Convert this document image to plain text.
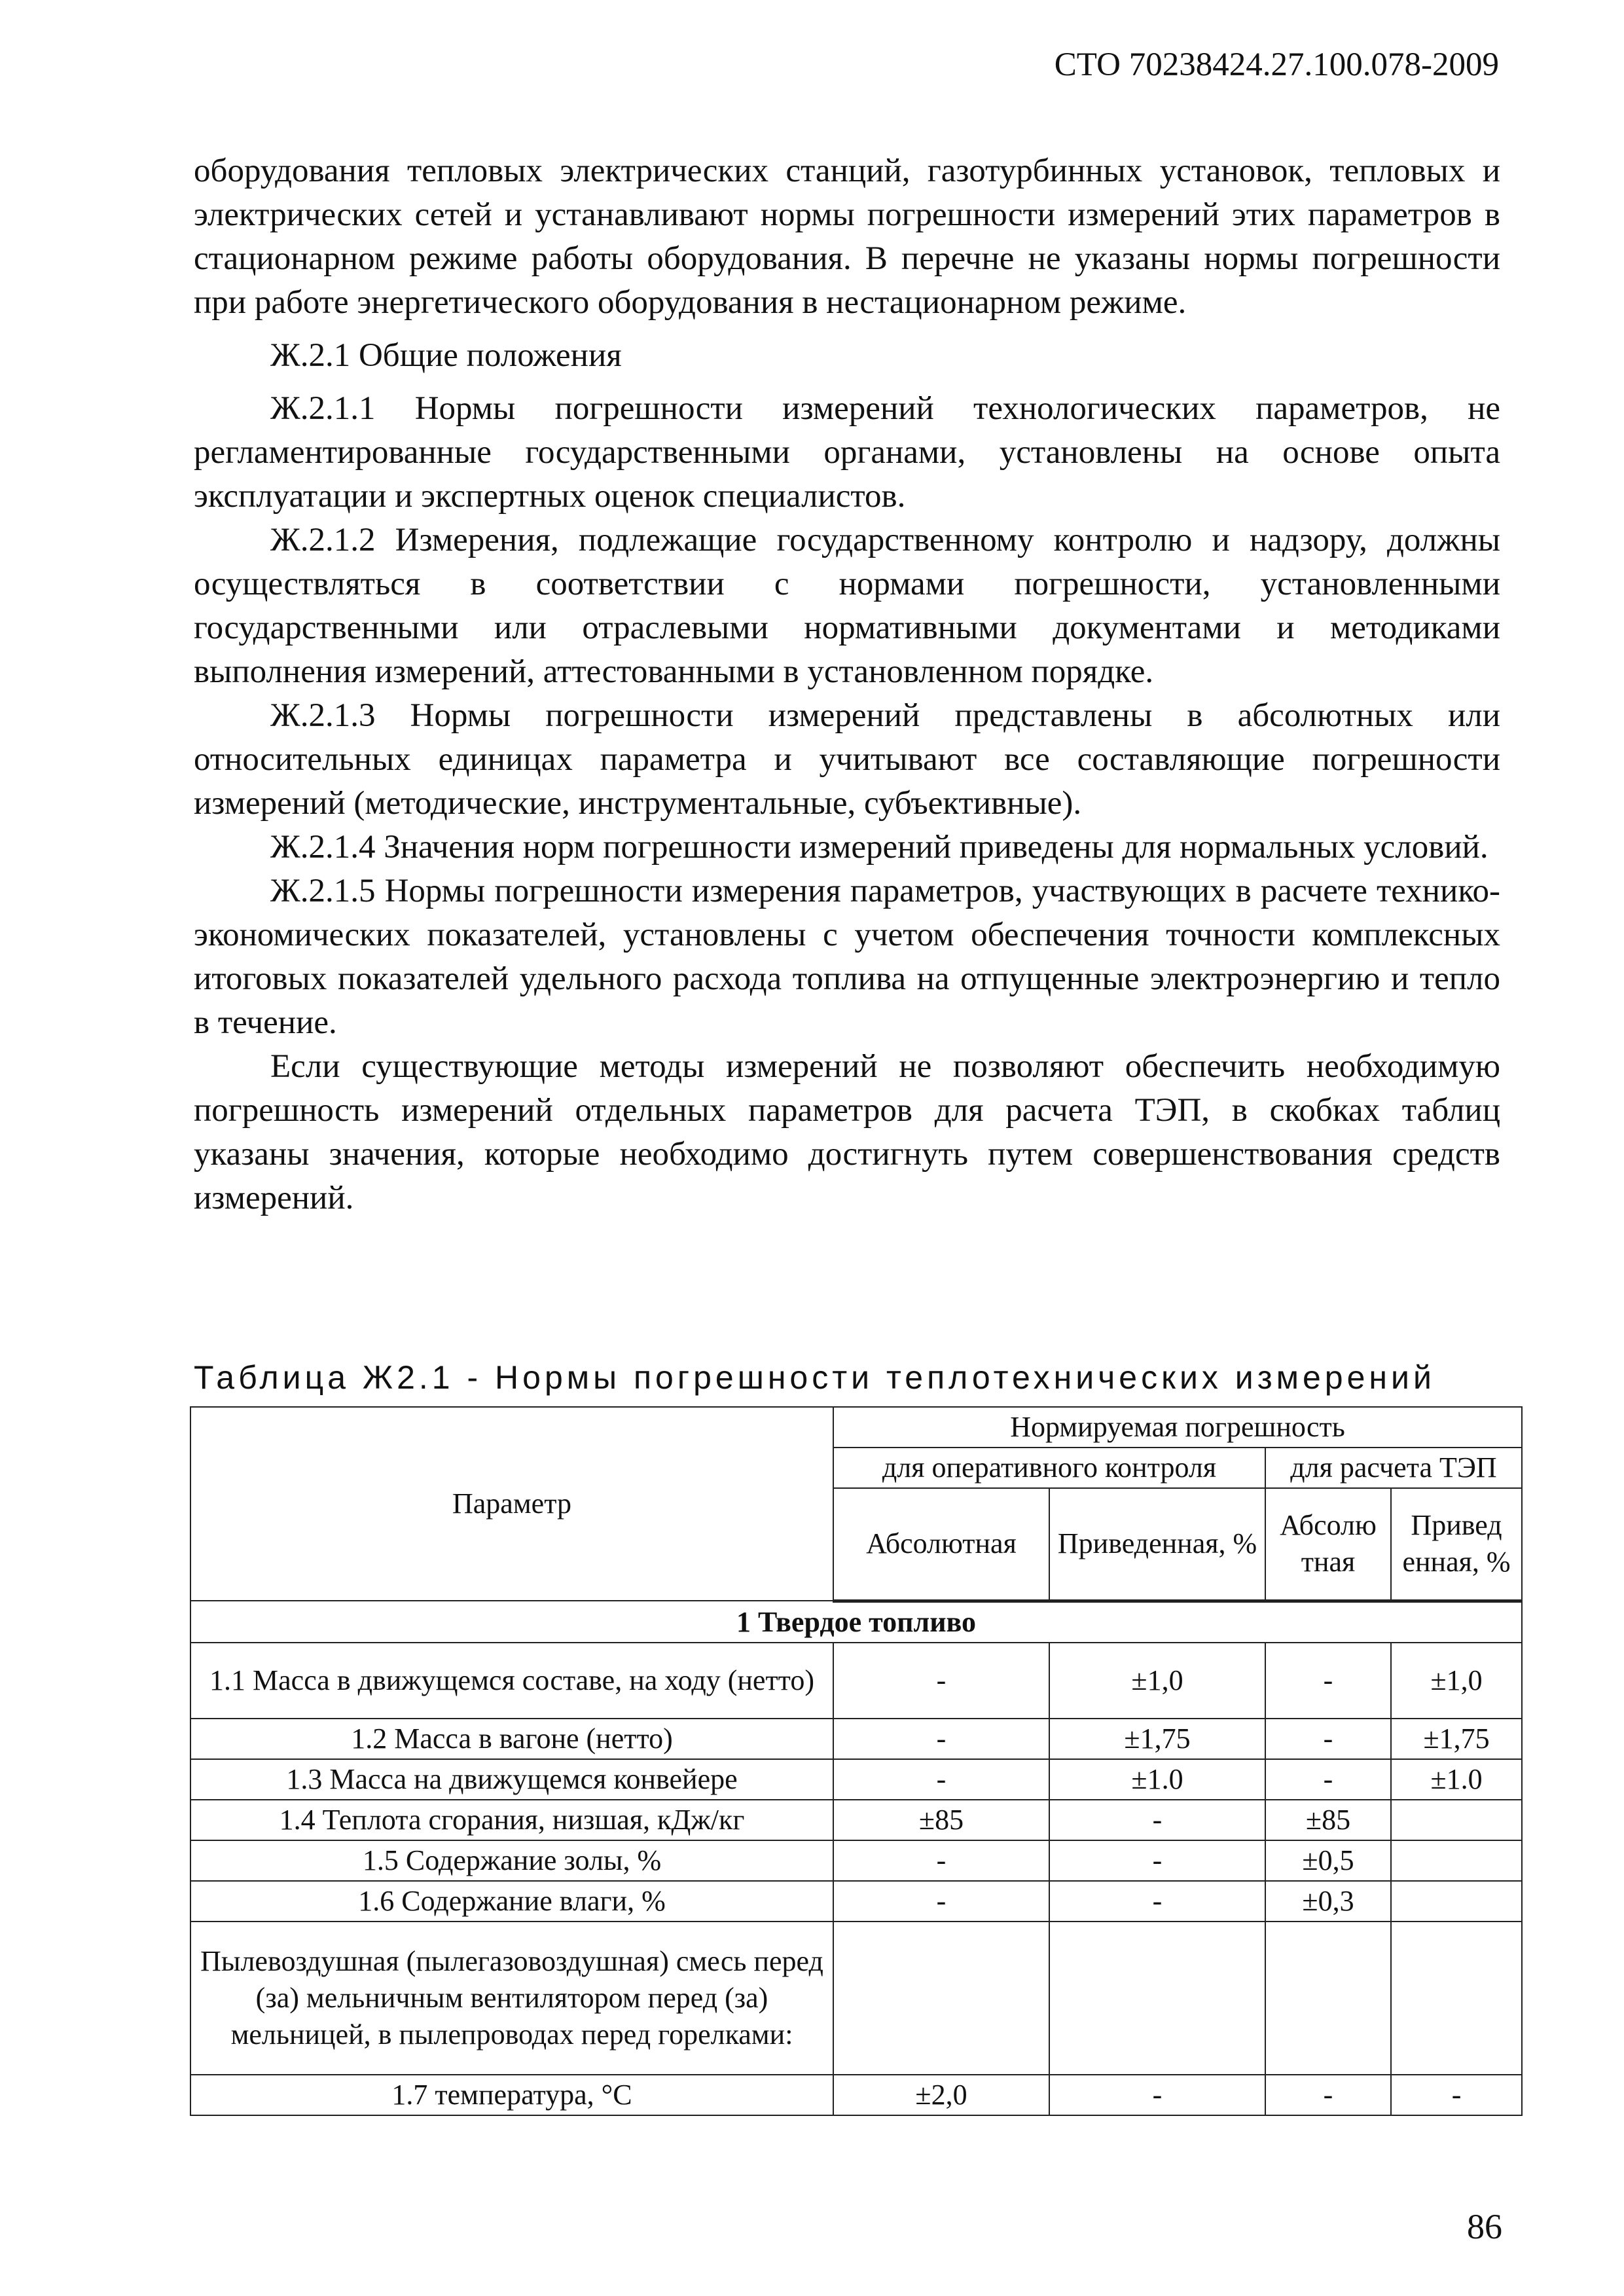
СТО 70238424.27.100.078-2009

оборудования тепловых электрических станций, газотурбинных установок, тепловых и электрических сетей и устанавливают нормы погрешности измерений этих параметров в стационарном режиме работы оборудования. В перечне не указаны нормы погрешности при работе энергетического оборудования в нестационарном режиме.

Ж.2.1 Общие положения

Ж.2.1.1 Нормы погрешности измерений технологических параметров, не регламентированные государственными органами, установлены на основе опыта эксплуатации и экспертных оценок специалистов.

Ж.2.1.2 Измерения, подлежащие государственному контролю и надзору, должны осуществляться в соответствии с нормами погрешности, установленными государственными или отраслевыми нормативными документами и методиками выполнения измерений, аттестованными в установленном порядке.

Ж.2.1.3 Нормы погрешности измерений представлены в абсолютных или относительных единицах параметра и учитывают все составляющие погрешности измерений (методические, инструментальные, субъективные).

Ж.2.1.4 Значения норм погрешности измерений приведены для нормальных условий.

Ж.2.1.5 Нормы погрешности измерения параметров, участвующих в расчете технико-экономических показателей, установлены с учетом обеспечения точности комплексных итоговых показателей удельного расхода топлива на отпущенные электроэнергию и тепло в течение.

Если существующие методы измерений не позволяют обеспечить необходимую погрешность измерений отдельных параметров для расчета ТЭП, в скобках таблиц указаны значения, которые необходимо достигнуть путем совершенствования средств измерений.

Таблица Ж2.1 - Нормы погрешности теплотехнических измерений
Параметр	Нормируемая погрешность			
	для оперативного контроля		для расчета ТЭП	
	Абсолютная	Приведенная, %	Абсолю тная	Привед енная, %
1 Твердое топливо				
1.1 Масса в движущемся составе, на ходу (нетто)	-	±1,0	-	±1,0
1.2 Масса в вагоне (нетто)	-	±1,75	-	±1,75
1.3 Масса на движущемся конвейере	-	±1.0	-	±1.0
1.4 Теплота сгорания, низшая, кДж/кг	±85	-	±85	
1.5 Содержание золы, %	-	-	±0,5	
1.6 Содержание влаги, %	-	-	±0,3	
Пылевоздушная (пылегазовоздушная) смесь перед (за) мельничным вентилятором перед (за) мельницей, в пылепроводах перед горелками:				
1.7 температура, °С	±2,0	-	-	-
86
